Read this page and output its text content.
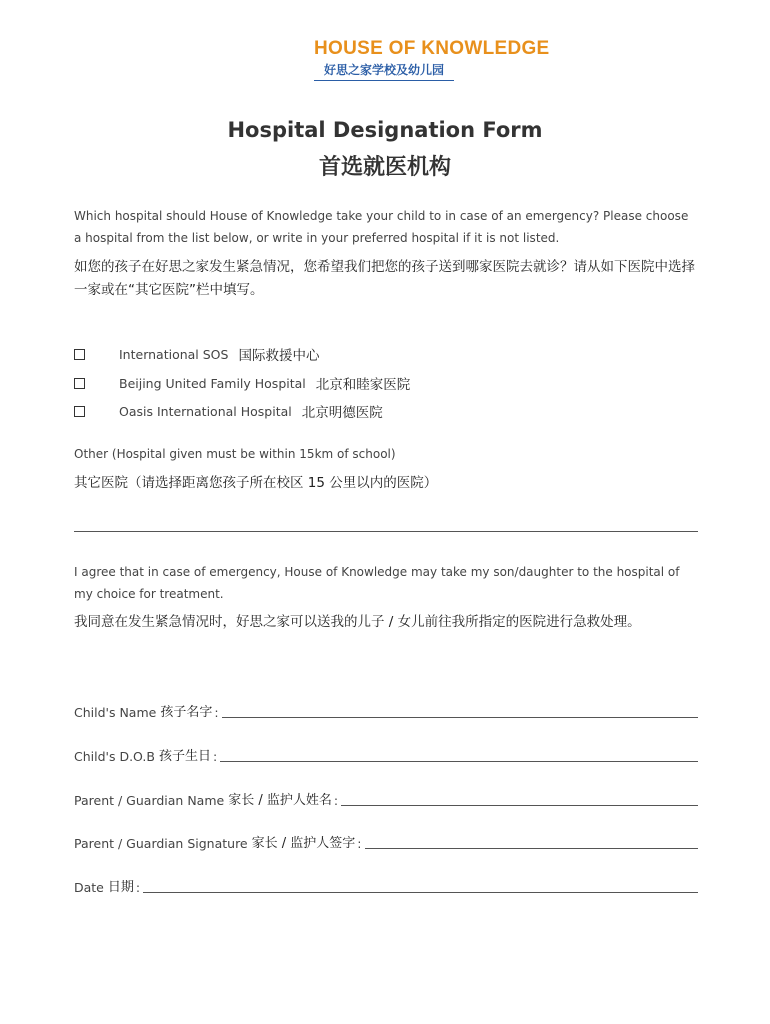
HOUSE OF KNOWLEDGE
好思之家学校及幼儿园
Hospital Designation Form
首选就医机构
Which hospital should House of Knowledge take your child to in case of an emergency? Please choose a hospital from the list below, or write in your preferred hospital if it is not listed.
如您的孩子在好思之家发生紧急情况，您希望我们把您的孩子送到哪家医院去就诊？请从如下医院中选择一家或在“其它医院”栏中填写。
International SOS 国际救援中心
Beijing United Family Hospital 北京和睦家医院
Oasis International Hospital 北京明德医院
Other (Hospital given must be within 15km of school)
其它医院（请选择距离您孩子所在校区 15 公里以内的医院）
I agree that in case of emergency, House of Knowledge may take my son/daughter to the hospital of my choice for treatment.
我同意在发生紧急情况时，好思之家可以送我的儿子 / 女儿前往我所指定的医院进行急救处理。
Child's Name 孩子名字 :
Child's D.O.B 孩子生日 :
Parent / Guardian Name 家长 / 监护人姓名 :
Parent / Guardian Signature 家长 / 监护人签字 :
Date 日期 :
